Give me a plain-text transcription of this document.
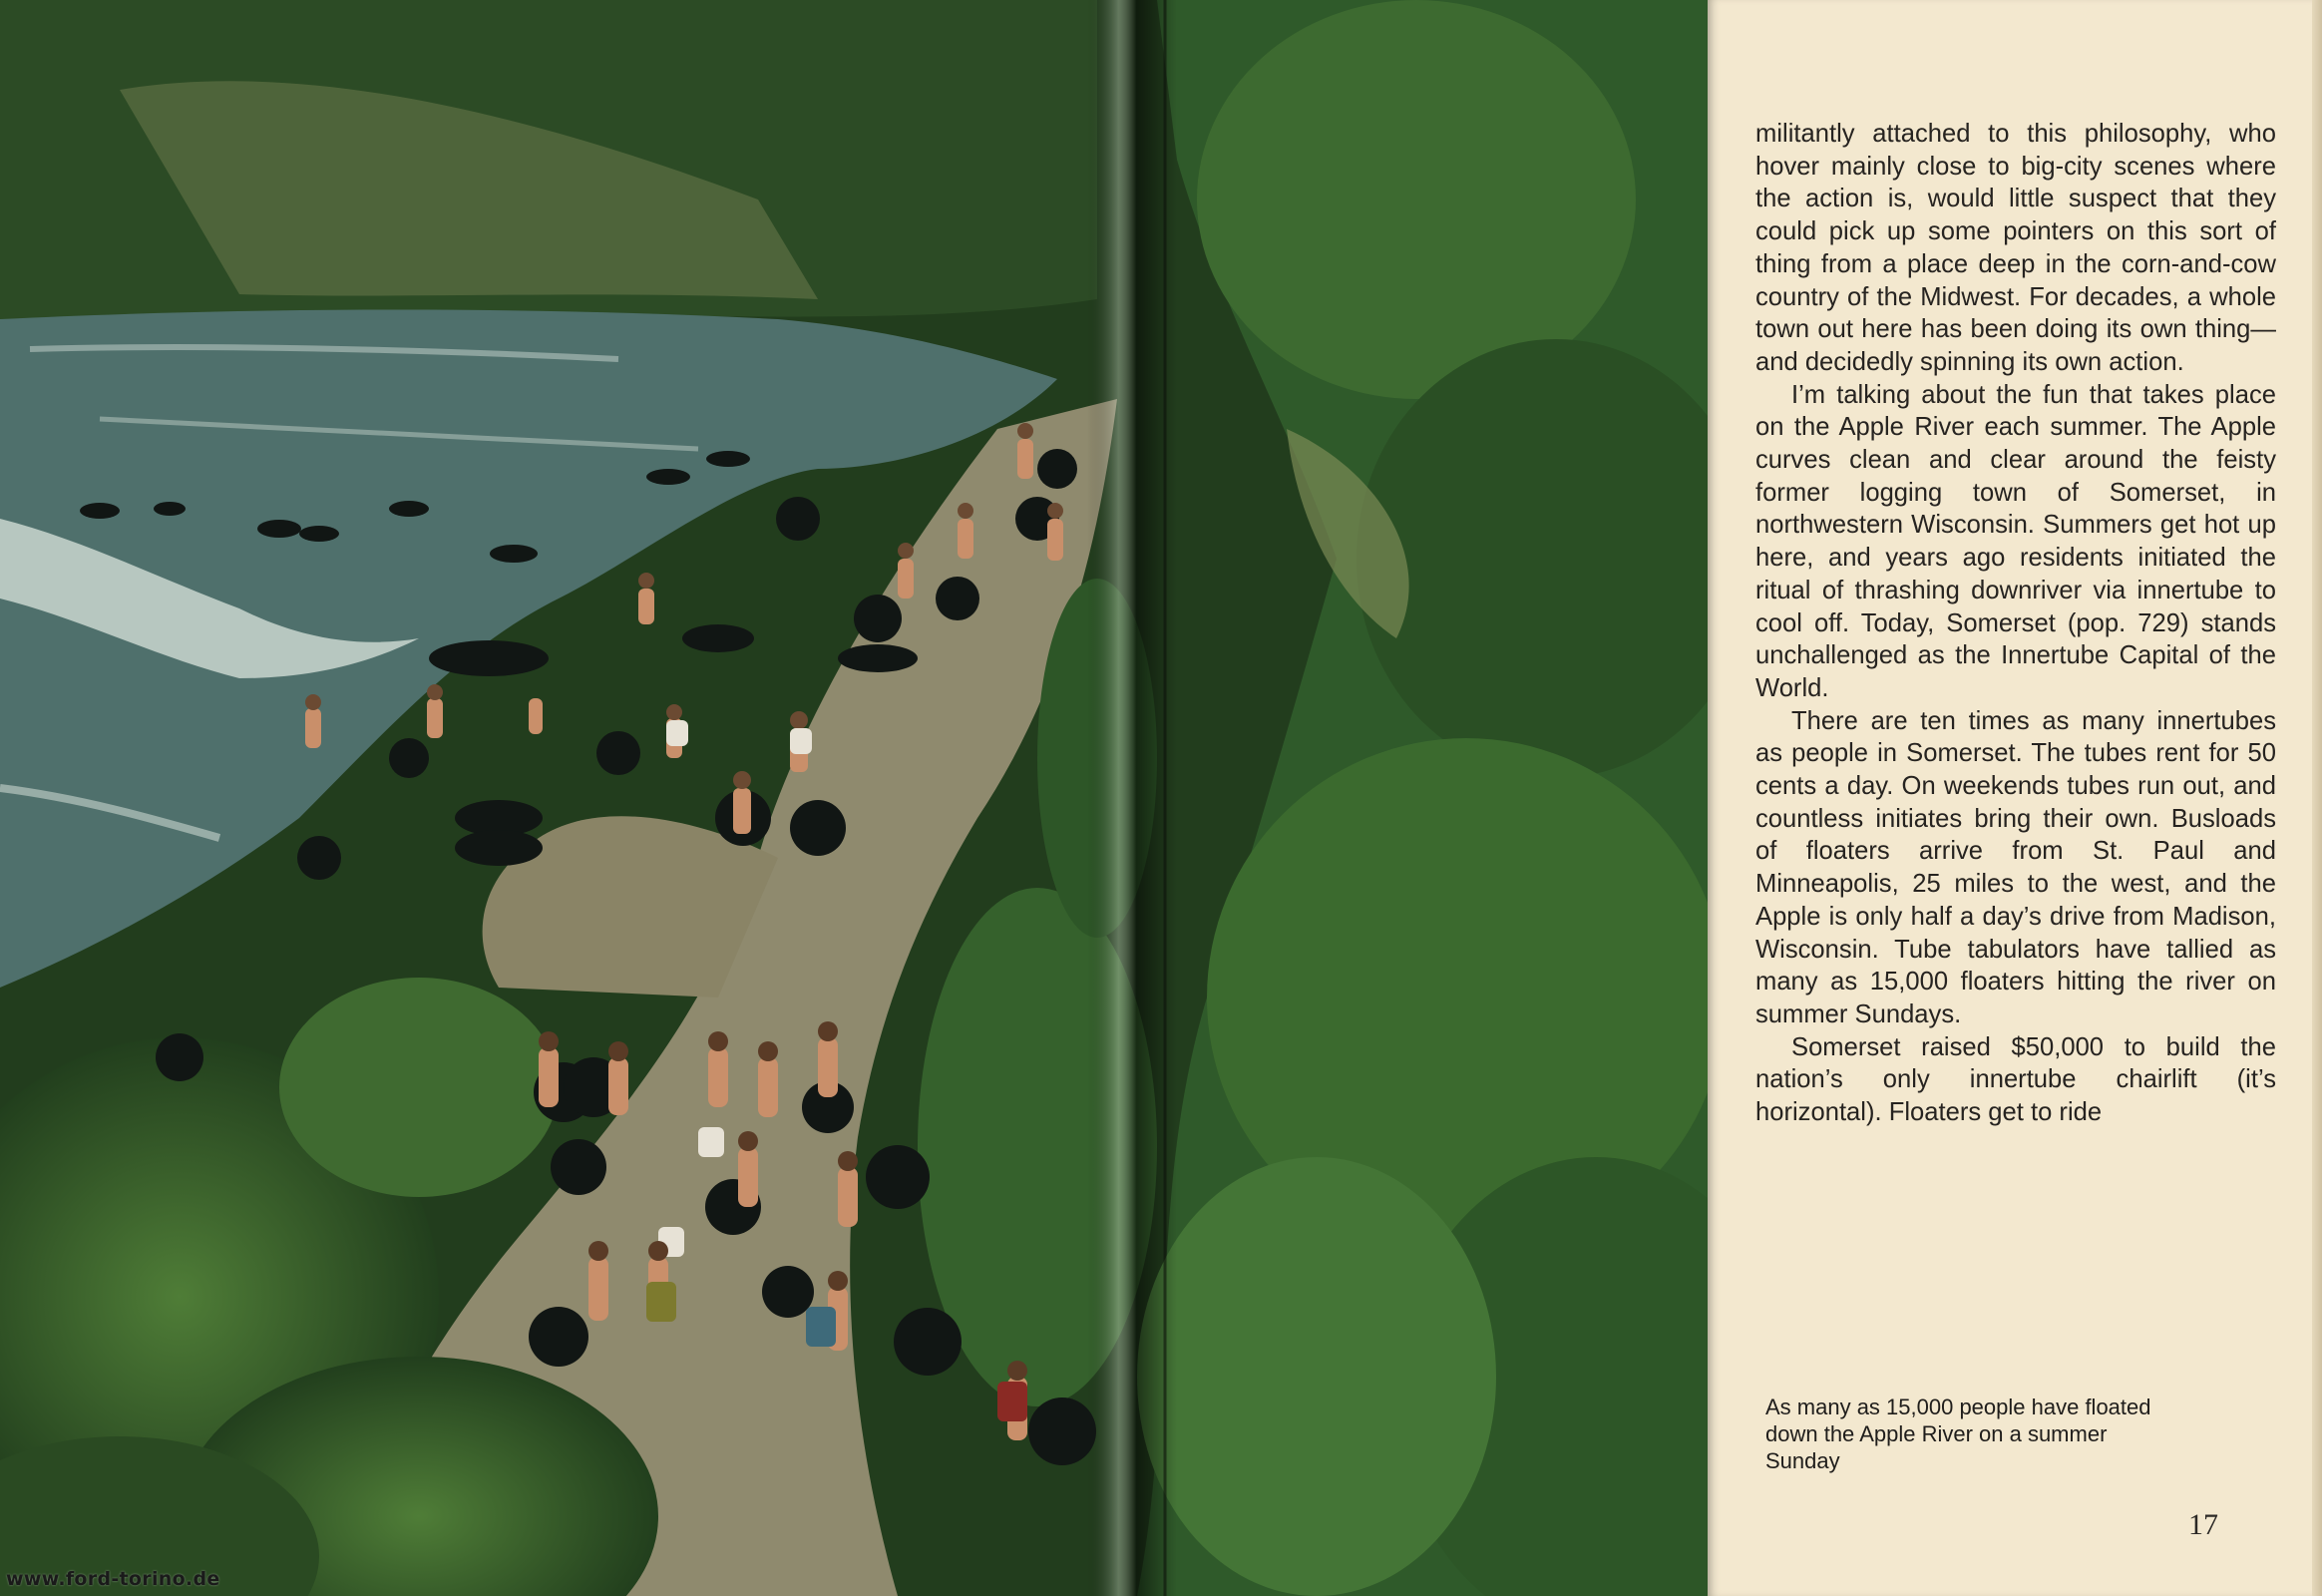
www.ford-torino.de

militantly attached to this philosophy, who hover mainly close to big-city scenes where the action is, would little suspect that they could pick up some pointers on this sort of thing from a place deep in the corn-and-cow country of the Midwest. For decades, a whole town out here has been doing its own thing—and decidedly spinning its own action.

I’m talking about the fun that takes place on the Apple River each summer. The Apple curves clean and clear around the feisty former logging town of Somerset, in northwestern Wisconsin. Summers get hot up here, and years ago residents initiated the ritual of thrashing downriver via innertube to cool off. Today, Somerset (pop. 729) stands unchallenged as the Innertube Capital of the World.

There are ten times as many innertubes as people in Somerset. The tubes rent for 50 cents a day. On weekends tubes run out, and countless initiates bring their own. Busloads of floaters arrive from St. Paul and Minneapolis, 25 miles to the west, and the Apple is only half a day’s drive from Madison, Wisconsin. Tube tabulators have tallied as many as 15,000 floaters hitting the river on summer Sundays.

Somerset raised $50,000 to build the nation’s only innertube chairlift (it’s horizontal). Floaters get to ride

As many as 15,000 people have floated down the Apple River on a summer Sunday
17
